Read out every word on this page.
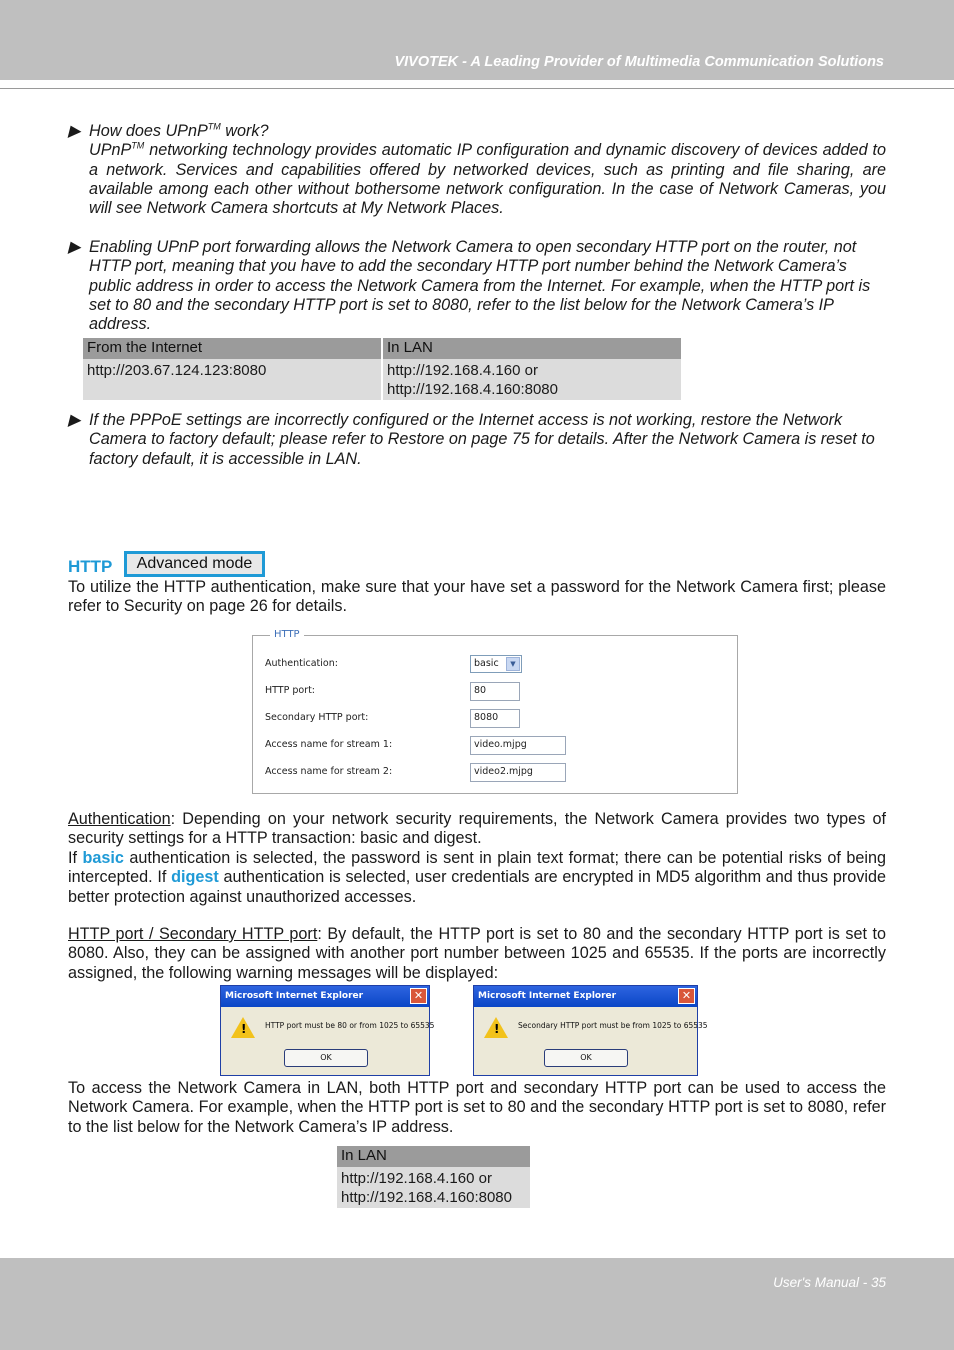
VIVOTEK - A Leading Provider of Multimedia Communication Solutions
▶ How does UPnP™ work?
UPnP™ networking technology provides automatic IP configuration and dynamic discovery of devices added to a network. Services and capabilities offered by networked devices, such as printing and file sharing, are available among each other without bothersome network configuration. In the case of Network Cameras, you will see Network Camera shortcuts at My Network Places.
▶ Enabling UPnP port forwarding allows the Network Camera to open secondary HTTP port on the router, not HTTP port, meaning that you have to add the secondary HTTP port number behind the Network Camera’s public address in order to access the Network Camera from the Internet. For example, when the HTTP port is set to 80 and the secondary HTTP port is set to 8080, refer to the list below for the Network Camera’s IP address.
From the Internet	In LAN
http://203.67.124.123:8080	http://192.168.4.160 or
http://192.168.4.160:8080
▶ If the PPPoE settings are incorrectly configured or the Internet access is not working, restore the Network Camera to factory default; please refer to Restore on page 75 for details. After the Network Camera is reset to factory default, it is accessible in LAN.
HTTP	Advanced mode
To utilize the HTTP authentication, make sure that your have set a password for the Network Camera first; please refer to Security on page 26 for details.
HTTP
Authentication:	basic	▼
HTTP port:	80
Secondary HTTP port:	8080
Access name for stream 1:	video.mjpg
Access name for stream 2:	video2.mjpg
Authentication: Depending on your network security requirements, the Network Camera provides two types of security settings for a HTTP transaction: basic and digest.
If basic authentication is selected, the password is sent in plain text format; there can be potential risks of being intercepted. If digest authentication is selected, user credentials are encrypted in MD5 algorithm and thus provide better protection against unauthorized accesses.
HTTP port / Secondary HTTP port: By default, the HTTP port is set to 80 and the secondary HTTP port is set to 8080. Also, they can be assigned with another port number between 1025 and 65535. If the ports are incorrectly assigned, the following warning messages will be displayed:
Microsoft Internet Explorer	✕
! HTTP port must be 80 or from 1025 to 65535
OK
Microsoft Internet Explorer	✕
! Secondary HTTP port must be from 1025 to 65535
OK
To access the Network Camera in LAN, both HTTP port and secondary HTTP port can be used to access the Network Camera. For example, when the HTTP port is set to 80 and the secondary HTTP port is set to 8080, refer to the list below for the Network Camera’s IP address.
In LAN

http://192.168.4.160 or
http://192.168.4.160:8080
User's Manual - 35
